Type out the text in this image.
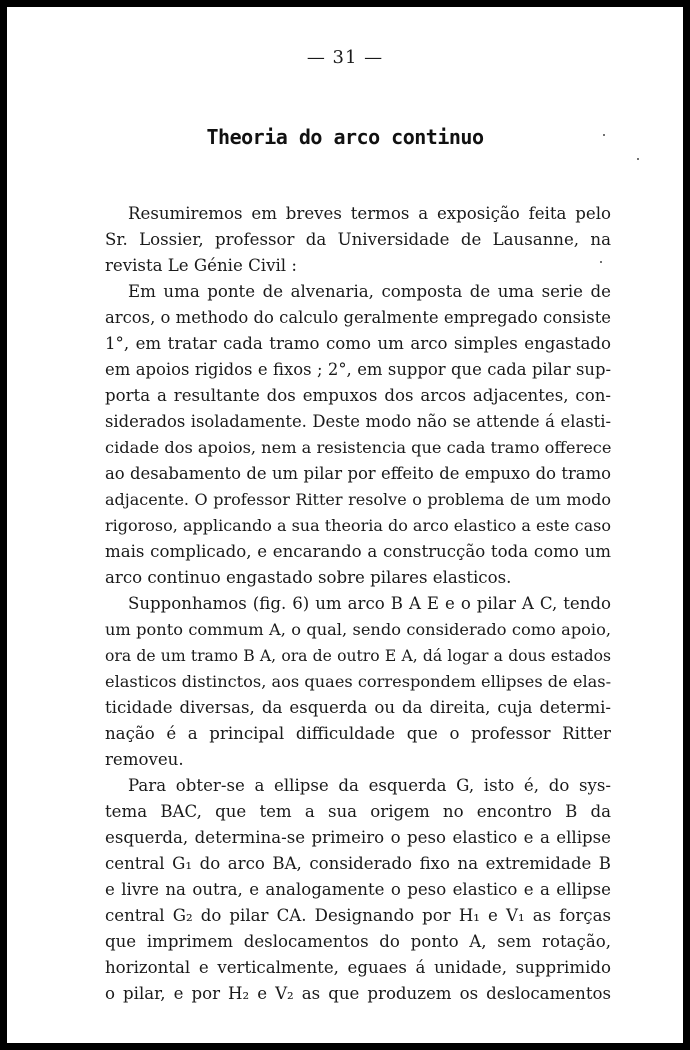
— 31 —
Theoria do arco continuo
Resumiremos em breves termos a exposição feita pelo
Sr. Lossier, professor da Universidade de Lausanne, na
revista Le Génie Civil :
Em uma ponte de alvenaria, composta de uma serie de
arcos, o methodo do calculo geralmente empregado consiste
1°, em tratar cada tramo como um arco simples engastado
em apoios rigidos e fixos ; 2°, em suppor que cada pilar sup-
porta a resultante dos empuxos dos arcos adjacentes, con-
siderados isoladamente. Deste modo não se attende á elasti-
cidade dos apoios, nem a resistencia que cada tramo offerece
ao desabamento de um pilar por effeito de empuxo do tramo
adjacente. O professor Ritter resolve o problema de um modo
rigoroso, applicando a sua theoria do arco elastico a este caso
mais complicado, e encarando a construcção toda como um
arco continuo engastado sobre pilares elasticos.
Supponhamos (fig. 6) um arco B A E e o pilar A C, tendo
um ponto commum A, o qual, sendo considerado como apoio,
ora de um tramo B A, ora de outro E A, dá logar a dous estados
elasticos distinctos, aos quaes correspondem ellipses de elas-
ticidade diversas, da esquerda ou da direita, cuja determi-
nação é a principal difficuldade que o professor Ritter
removeu.
Para obter-se a ellipse da esquerda G, isto é, do sys-
tema BAC, que tem a sua origem no encontro B da
esquerda, determina-se primeiro o peso elastico e a ellipse
central G₁ do arco BA, considerado fixo na extremidade B
e livre na outra, e analogamente o peso elastico e a ellipse
central G₂ do pilar CA. Designando por H₁ e V₁ as forças
que imprimem deslocamentos do ponto A, sem rotação,
horizontal e verticalmente, eguaes á unidade, supprimido
o pilar, e por H₂ e V₂ as que produzem os deslocamentos
